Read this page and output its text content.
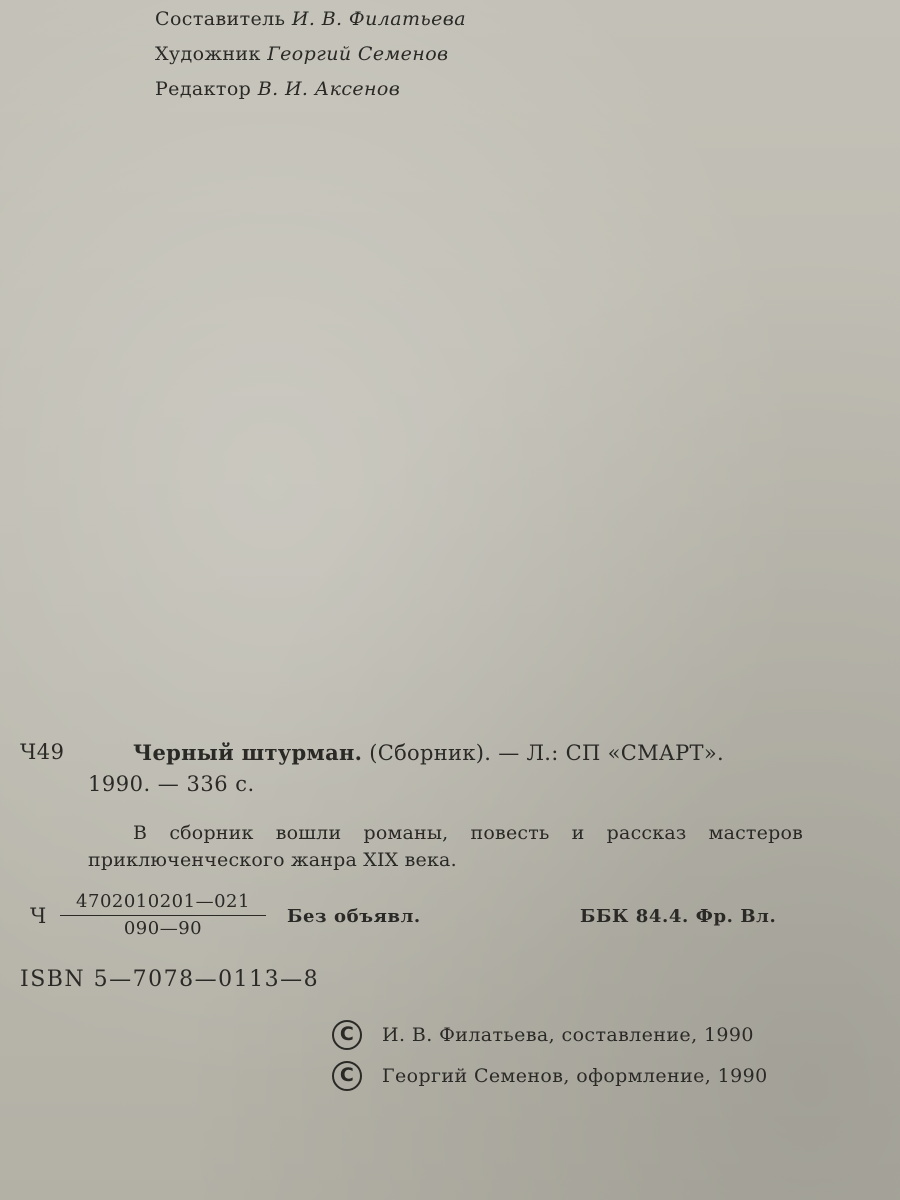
Составитель И. В. Филатьева
Художник Георгий Семенов
Редактор В. И. Аксенов
Ч49	Черный штурман. (Сборник). — Л.: СП «СМАРТ».
1990. — 336 с.
В сборник вошли романы, повесть и рассказ мастеров приключенческого жанра XIX века.
Ч
4702010201—021
090—90
Без объявл.	ББК 84.4. Фр. Вл.
ISBN 5—7078—0113—8
C	И. В. Филатьева, составление, 1990
C	Георгий Семенов, оформление, 1990
